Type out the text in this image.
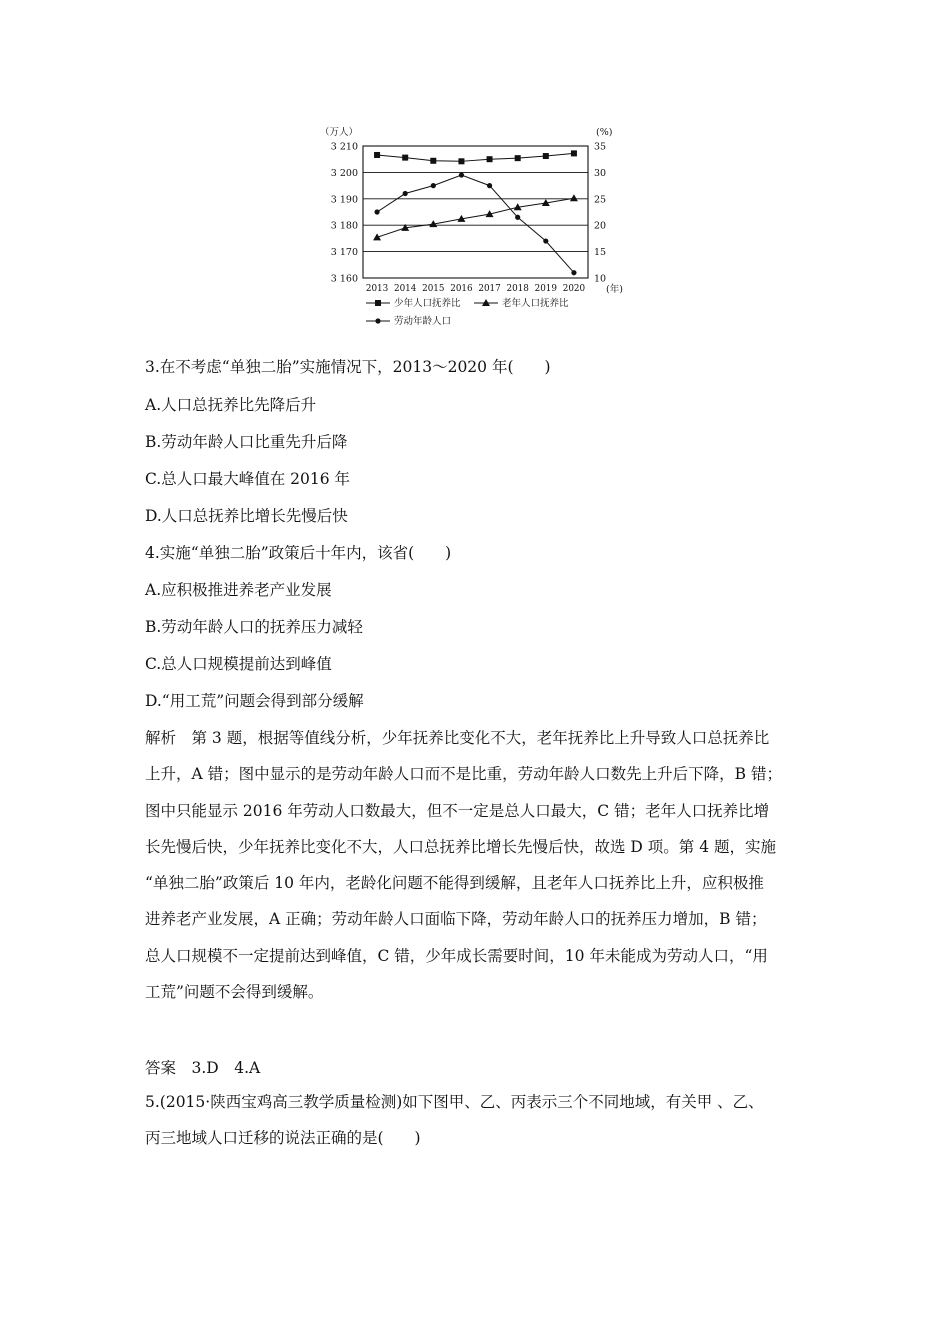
（万人）	(%)
(年)
3 210
3 200
3 190
3 180
3 170
3 160
35
30
25
20
15
10
2013 2014 2015 2016 2017 2018 2019 2020
少年人口抚养比	老年人口抚养比
劳动年龄人口
3.在不考虑“单独二胎”实施情况下，2013～2020 年(　　)
A.人口总抚养比先降后升
B.劳动年龄人口比重先升后降
C.总人口最大峰值在 2016 年
D.人口总抚养比增长先慢后快
4.实施“单独二胎”政策后十年内，该省(　　)
A.应积极推进养老产业发展
B.劳动年龄人口的抚养压力减轻
C.总人口规模提前达到峰值
D.“用工荒”问题会得到部分缓解
解析　第 3 题，根据等值线分析，少年抚养比变化不大，老年抚养比上升导致人口总抚养比
上升，A 错；图中显示的是劳动年龄人口而不是比重，劳动年龄人口数先上升后下降，B 错；
图中只能显示 2016 年劳动人口数最大，但不一定是总人口最大，C 错；老年人口抚养比增
长先慢后快，少年抚养比变化不大，人口总抚养比增长先慢后快，故选 D 项。第 4 题，实施
“单独二胎”政策后 10 年内，老龄化问题不能得到缓解，且老年人口抚养比上升，应积极推
进养老产业发展，A 正确；劳动年龄人口面临下降，劳动年龄人口的抚养压力增加，B 错；
总人口规模不一定提前达到峰值，C 错，少年成长需要时间，10 年未能成为劳动人口，“用
工荒”问题不会得到缓解。
答案　3.D　4.A
5.(2015·陕西宝鸡高三教学质量检测)如下图甲、乙、丙表示三个不同地域，有关甲 、乙、
丙三地域人口迁移的说法正确的是(　　)
